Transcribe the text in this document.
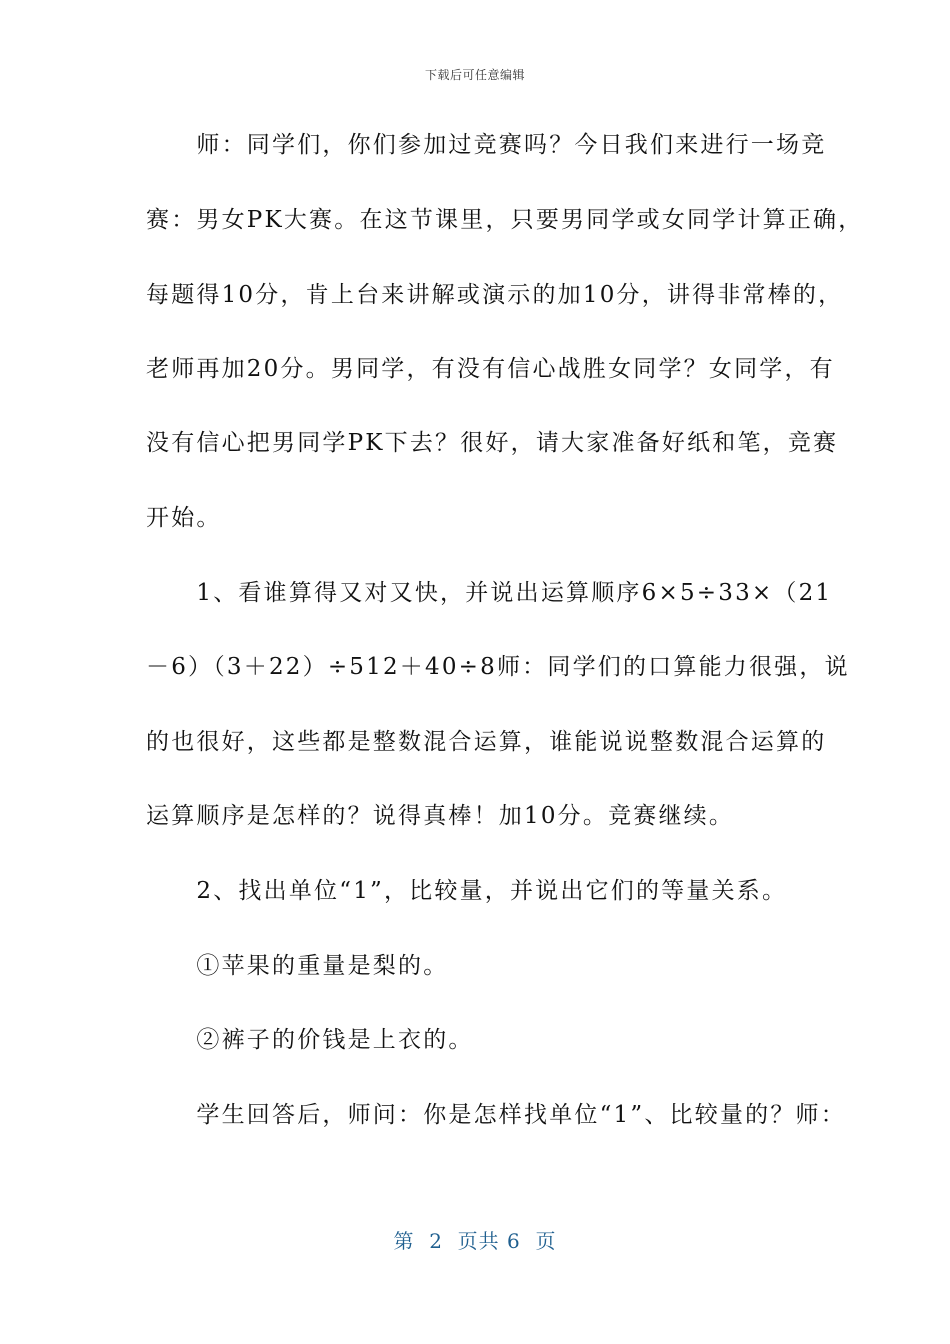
下载后可任意编辑
　　师：同学们，你们参加过竞赛吗？今日我们来进行一场竞
赛：男女PK大赛。在这节课里，只要男同学或女同学计算正确，
每题得10分，肯上台来讲解或演示的加10分，讲得非常棒的，
老师再加20分。男同学，有没有信心战胜女同学？女同学，有
没有信心把男同学PK下去？很好，请大家准备好纸和笔，竞赛
开始。
　　1、看谁算得又对又快，并说出运算顺序6×5÷33×（21
－6）（3＋22）÷512＋40÷8师：同学们的口算能力很强，说
的也很好，这些都是整数混合运算，谁能说说整数混合运算的
运算顺序是怎样的？说得真棒！加10分。竞赛继续。
　　2、找出单位“1”，比较量，并说出它们的等量关系。
　　①苹果的重量是梨的。
　　②裤子的价钱是上衣的。
　　学生回答后，师问：你是怎样找单位“1”、比较量的？师：
第  2  页共 6  页
